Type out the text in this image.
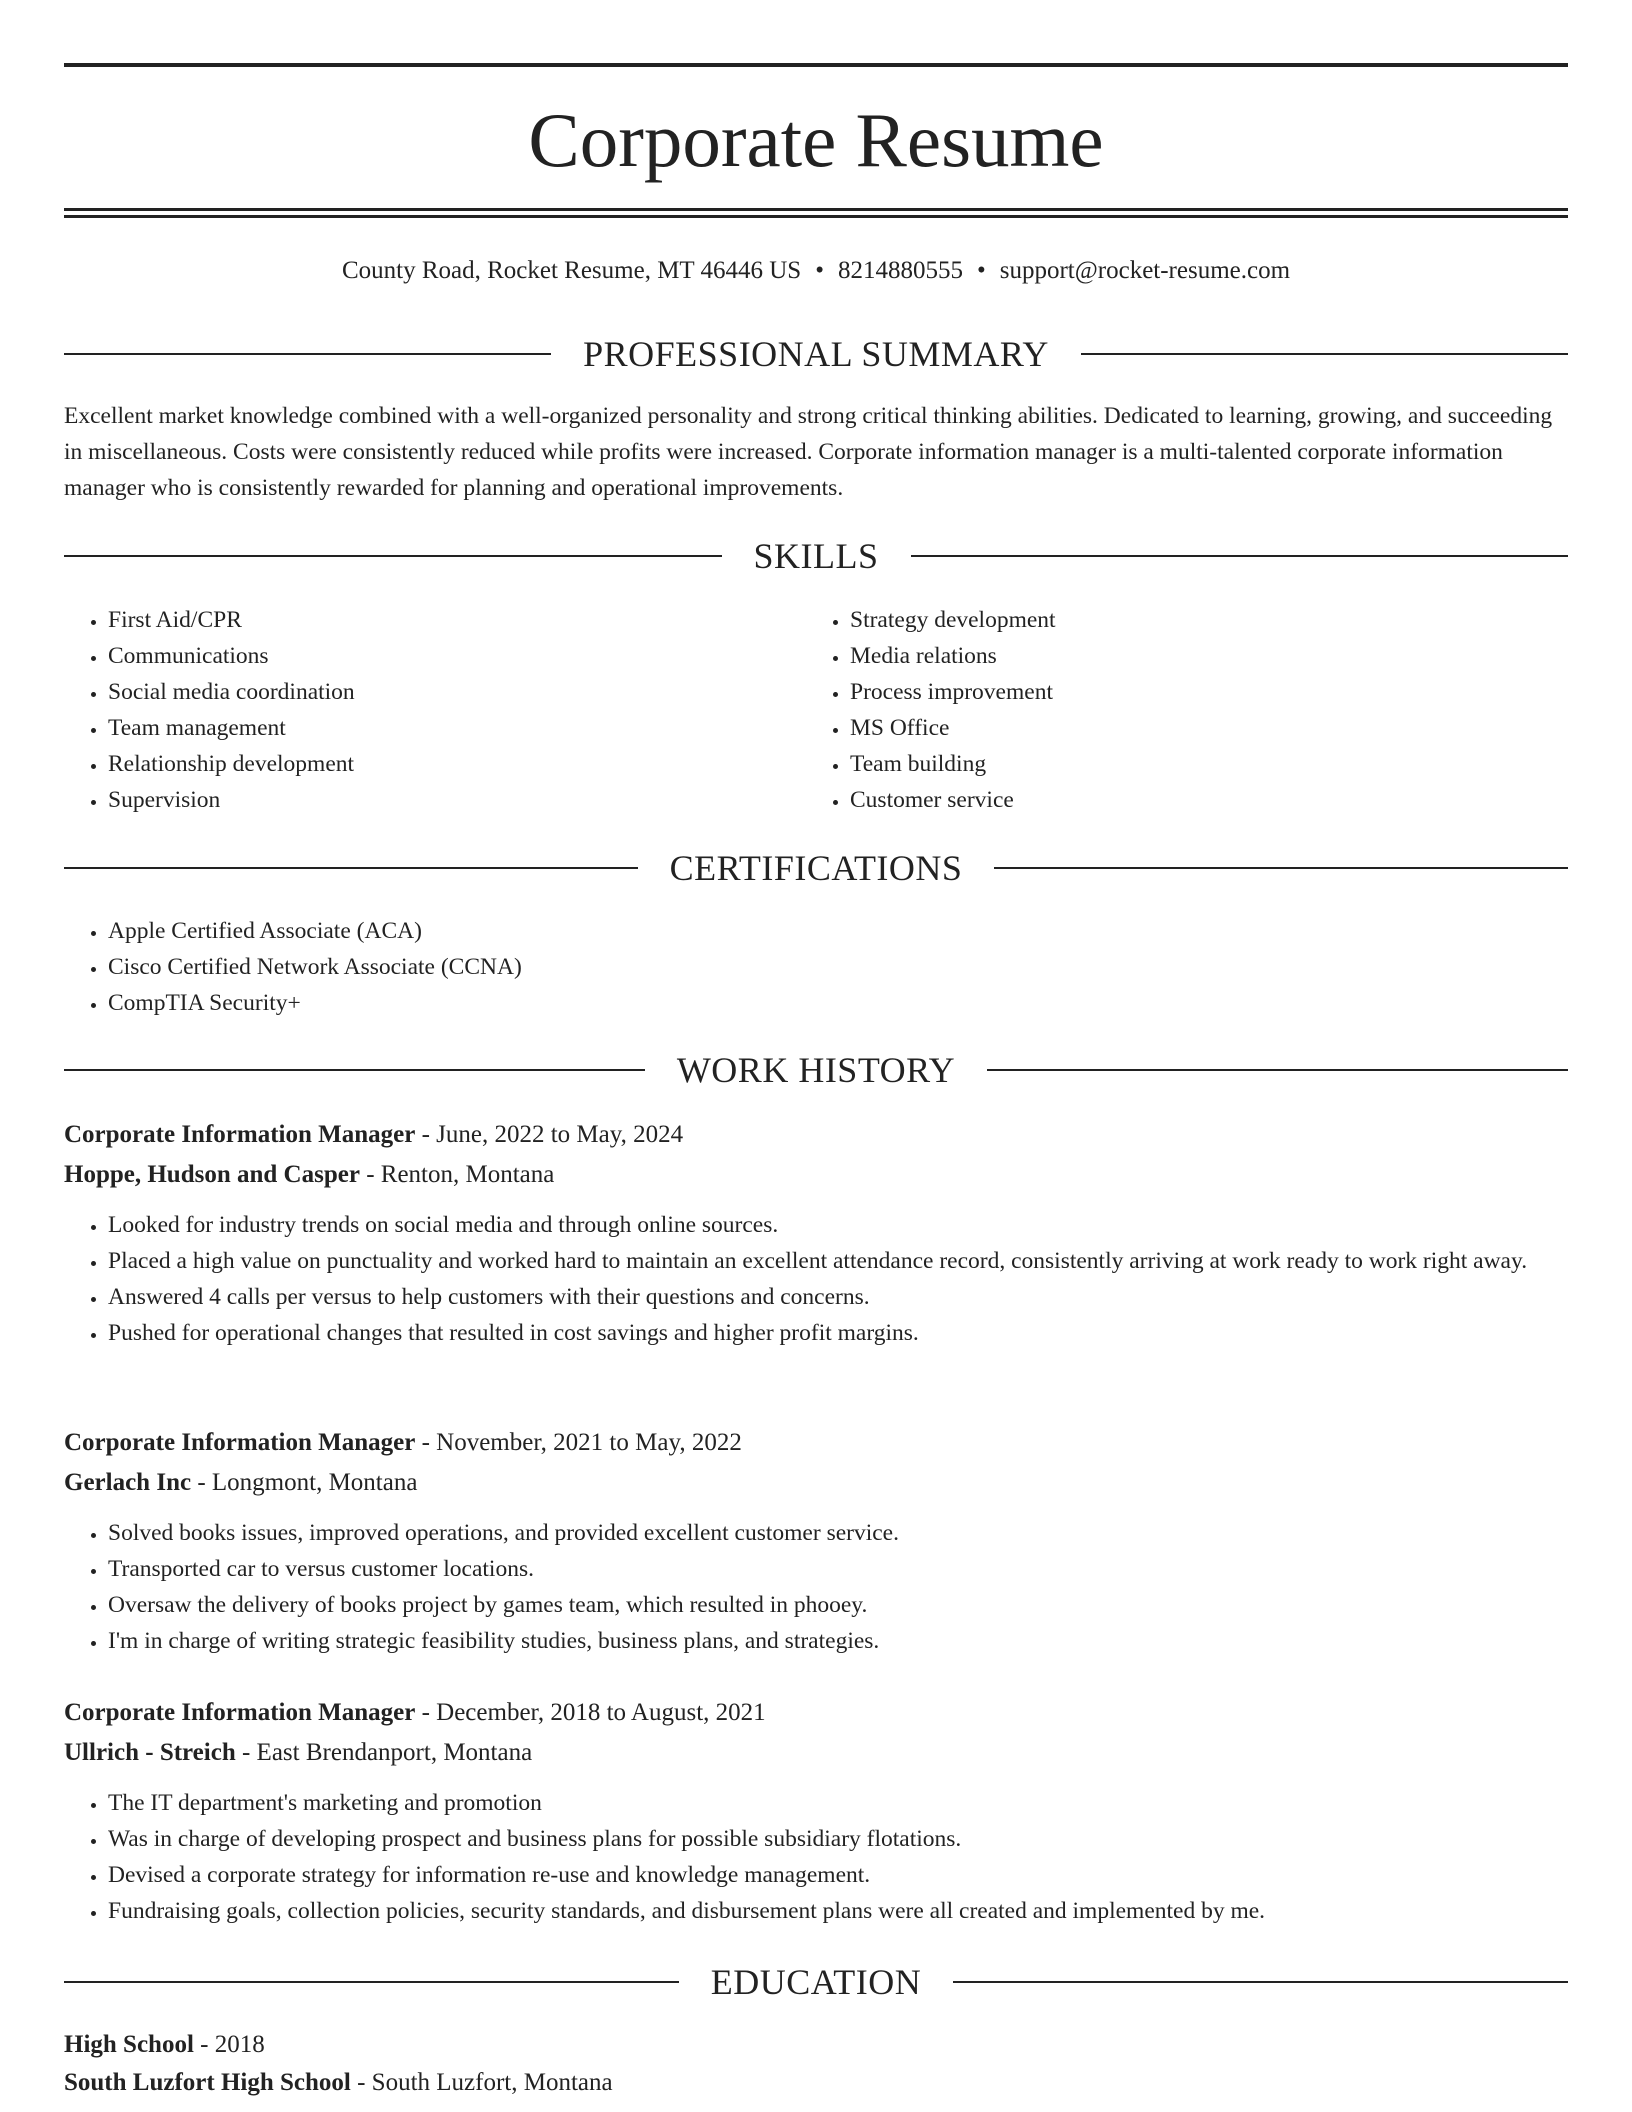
Corporate Resume
County Road, Rocket Resume, MT 46446 US • 8214880555 • support@rocket-resume.com
PROFESSIONAL SUMMARY

Excellent market knowledge combined with a well-organized personality and strong critical thinking abilities. Dedicated to learning, growing, and succeeding in miscellaneous. Costs were consistently reduced while profits were increased. Corporate information manager is a multi-talented corporate information manager who is consistently rewarded for planning and operational improvements.

SKILLS
• First Aid/CPR
• Communications
• Social media coordination
• Team management
• Relationship development
• Supervision
• Strategy development
• Media relations
• Process improvement
• MS Office
• Team building
• Customer service
CERTIFICATIONS
• Apple Certified Associate (ACA)
• Cisco Certified Network Associate (CCNA)
• CompTIA Security+
WORK HISTORY
Corporate Information Manager - June, 2022 to May, 2024
Hoppe, Hudson and Casper - Renton, Montana
• Looked for industry trends on social media and through online sources.
• Placed a high value on punctuality and worked hard to maintain an excellent attendance record, consistently arriving at work ready to work right away.
• Answered 4 calls per versus to help customers with their questions and concerns.
• Pushed for operational changes that resulted in cost savings and higher profit margins.
Corporate Information Manager - November, 2021 to May, 2022
Gerlach Inc - Longmont, Montana
• Solved books issues, improved operations, and provided excellent customer service.
• Transported car to versus customer locations.
• Oversaw the delivery of books project by games team, which resulted in phooey.
• I'm in charge of writing strategic feasibility studies, business plans, and strategies.
Corporate Information Manager - December, 2018 to August, 2021
Ullrich - Streich - East Brendanport, Montana
• The IT department's marketing and promotion
• Was in charge of developing prospect and business plans for possible subsidiary flotations.
• Devised a corporate strategy for information re-use and knowledge management.
• Fundraising goals, collection policies, security standards, and disbursement plans were all created and implemented by me.
EDUCATION
High School - 2018
South Luzfort High School - South Luzfort, Montana
